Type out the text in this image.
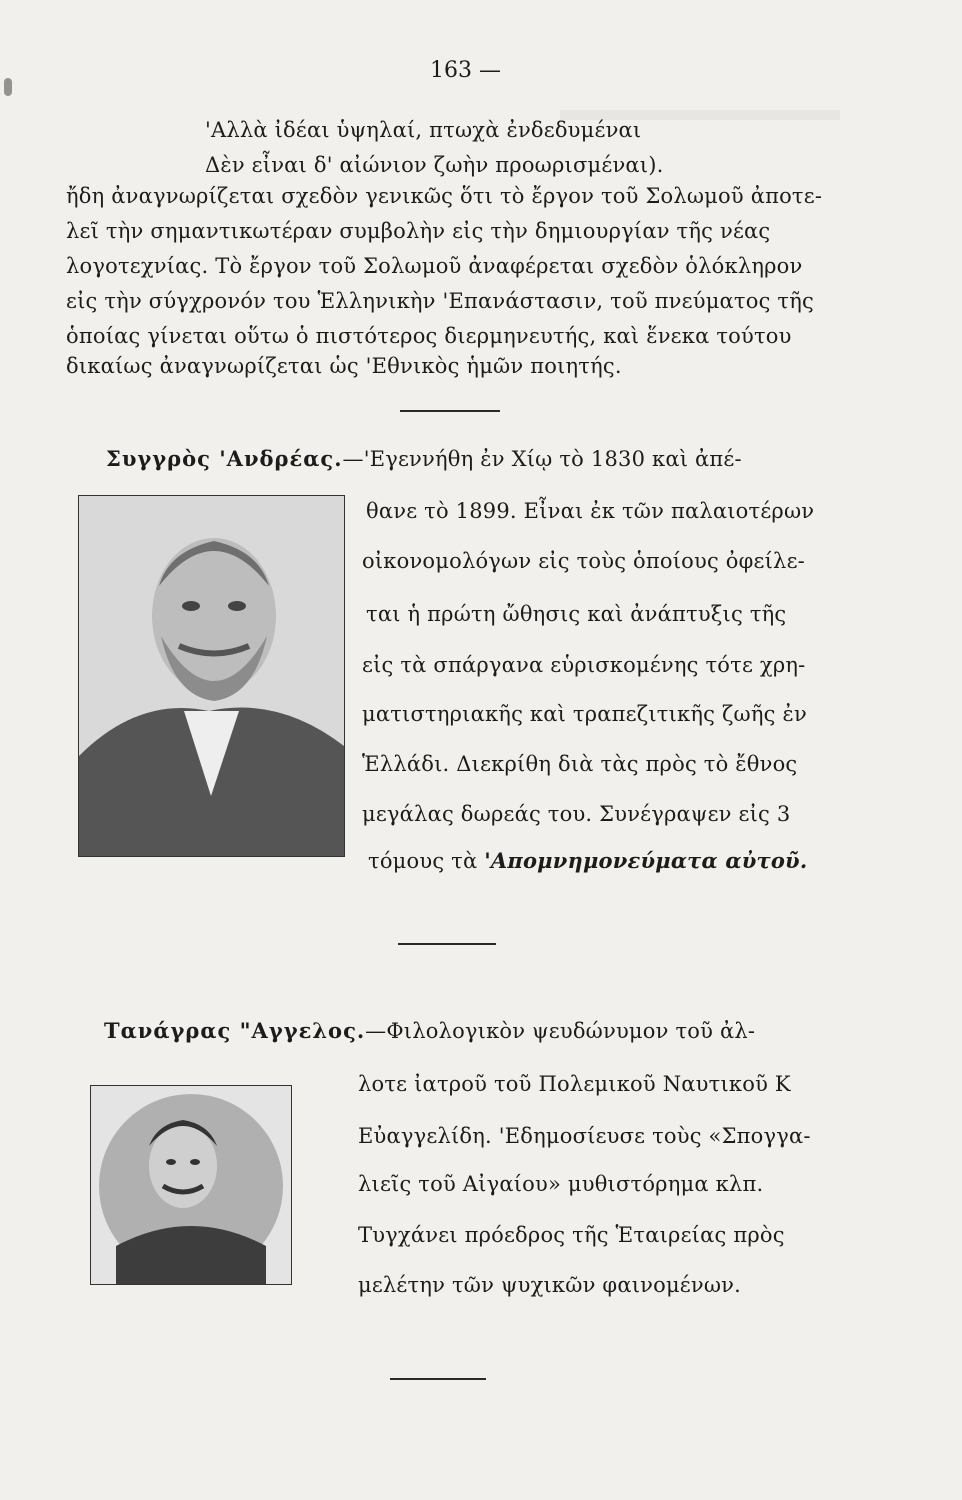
163 —
'Αλλὰ ἰδέαι ὑψηλαί, πτωχὰ ἐνδεδυμέναι
Δὲν εἶναι δ' αἰώνιον ζωὴν προωρισμέναι).
ἤδη ἀναγνωρίζεται σχεδὸν γενικῶς ὅτι τὸ ἔργον τοῦ Σολωμοῦ ἀποτε-
λεῖ τὴν σημαντικωτέραν συμβολὴν εἰς τὴν δημιουργίαν τῆς νέας
λογοτεχνίας. Τὸ ἔργον τοῦ Σολωμοῦ ἀναφέρεται σχεδὸν ὁλόκληρον
εἰς τὴν σύγχρονόν του Ἑλληνικὴν 'Επανάστασιν, τοῦ πνεύματος τῆς
ὁποίας γίνεται οὕτω ὁ πιστότερος διερμηνευτής, καὶ ἕνεκα τούτου
δικαίως ἀναγνωρίζεται ὡς 'Εθνικὸς ἡμῶν ποιητής.
Συγγρὸς 'Ανδρέας.—'Εγεννήθη ἐν Χίῳ τὸ 1830 καὶ ἀπέ-
θανε τὸ 1899. Εἶναι ἐκ τῶν παλαιοτέρων
οἰκονομολόγων εἰς τοὺς ὁποίους ὀφείλε-
ται ἡ πρώτη ὤθησις καὶ ἀνάπτυξις τῆς
εἰς τὰ σπάργανα εὑρισκομένης τότε χρη-
ματιστηριακῆς καὶ τραπεζιτικῆς ζωῆς ἐν
Ἑλλάδι. Διεκρίθη διὰ τὰς πρὸς τὸ ἔθνος
μεγάλας δωρεάς του. Συνέγραψεν εἰς 3
τόμους τὰ 'Απομνημονεύματα αὐτοῦ.
Τανάγρας "Αγγελος.—Φιλολογικὸν ψευδώνυμον τοῦ ἀλ-
λοτε ἰατροῦ τοῦ Πολεμικοῦ Ναυτικοῦ Κ
Εὐαγγελίδη. 'Εδημοσίευσε τοὺς «Σπογγα-
λιεῖς τοῦ Αἰγαίου» μυθιστόρημα κλπ.
Τυγχάνει πρόεδρος τῆς Ἑταιρείας πρὸς
μελέτην τῶν ψυχικῶν φαινομένων.
